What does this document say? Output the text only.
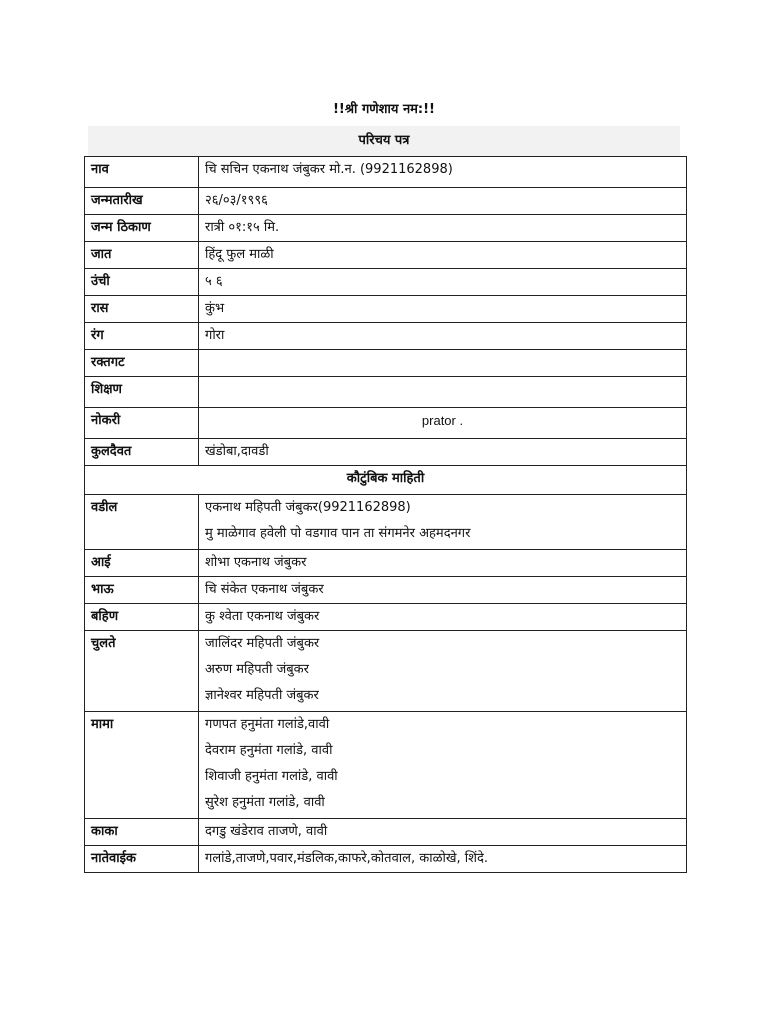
!!श्री गणेशाय नम:!!
परिचय पत्र
नाव	चि सचिन एकनाथ जंबुकर मो.न. (9921162898)
जन्मतारीख	२६/०३/१९९६
जन्म ठिकाण	रात्री ०१:१५ मि.
जात	हिंदू फुल माळी
उंची	५ ६
रास	कुंभ
रंग	गोरा
रक्तगट	
शिक्षण	
नोकरी	prator .
कुलदैवत	खंडोबा,दावडी
कौटुंबिक माहिती	
वडील	एकनाथ महिपती जंबुकर(9921162898)
मु माळेगाव हवेली पो वडगाव पान ता संगमनेर अहमदनगर

आई	शोभा एकनाथ जंबुकर
भाऊ	चि संकेत एकनाथ जंबुकर
बहिण	कु श्वेता एकनाथ जंबुकर
चुलते	जालिंदर महिपती जंबुकर
अरुण महिपती जंबुकर
ज्ञानेश्वर महिपती जंबुकर

मामा	गणपत हनुमंता गलांडे,वावी
देवराम हनुमंता गलांडे, वावी
शिवाजी हनुमंता गलांडे, वावी
सुरेश हनुमंता गलांडे, वावी

काका	दगडु खंडेराव ताजणे, वावी
नातेवाईक	गलांडे,ताजणे,पवार,मंडलिक,काफरे,कोतवाल, काळोखे, शिंदे.
